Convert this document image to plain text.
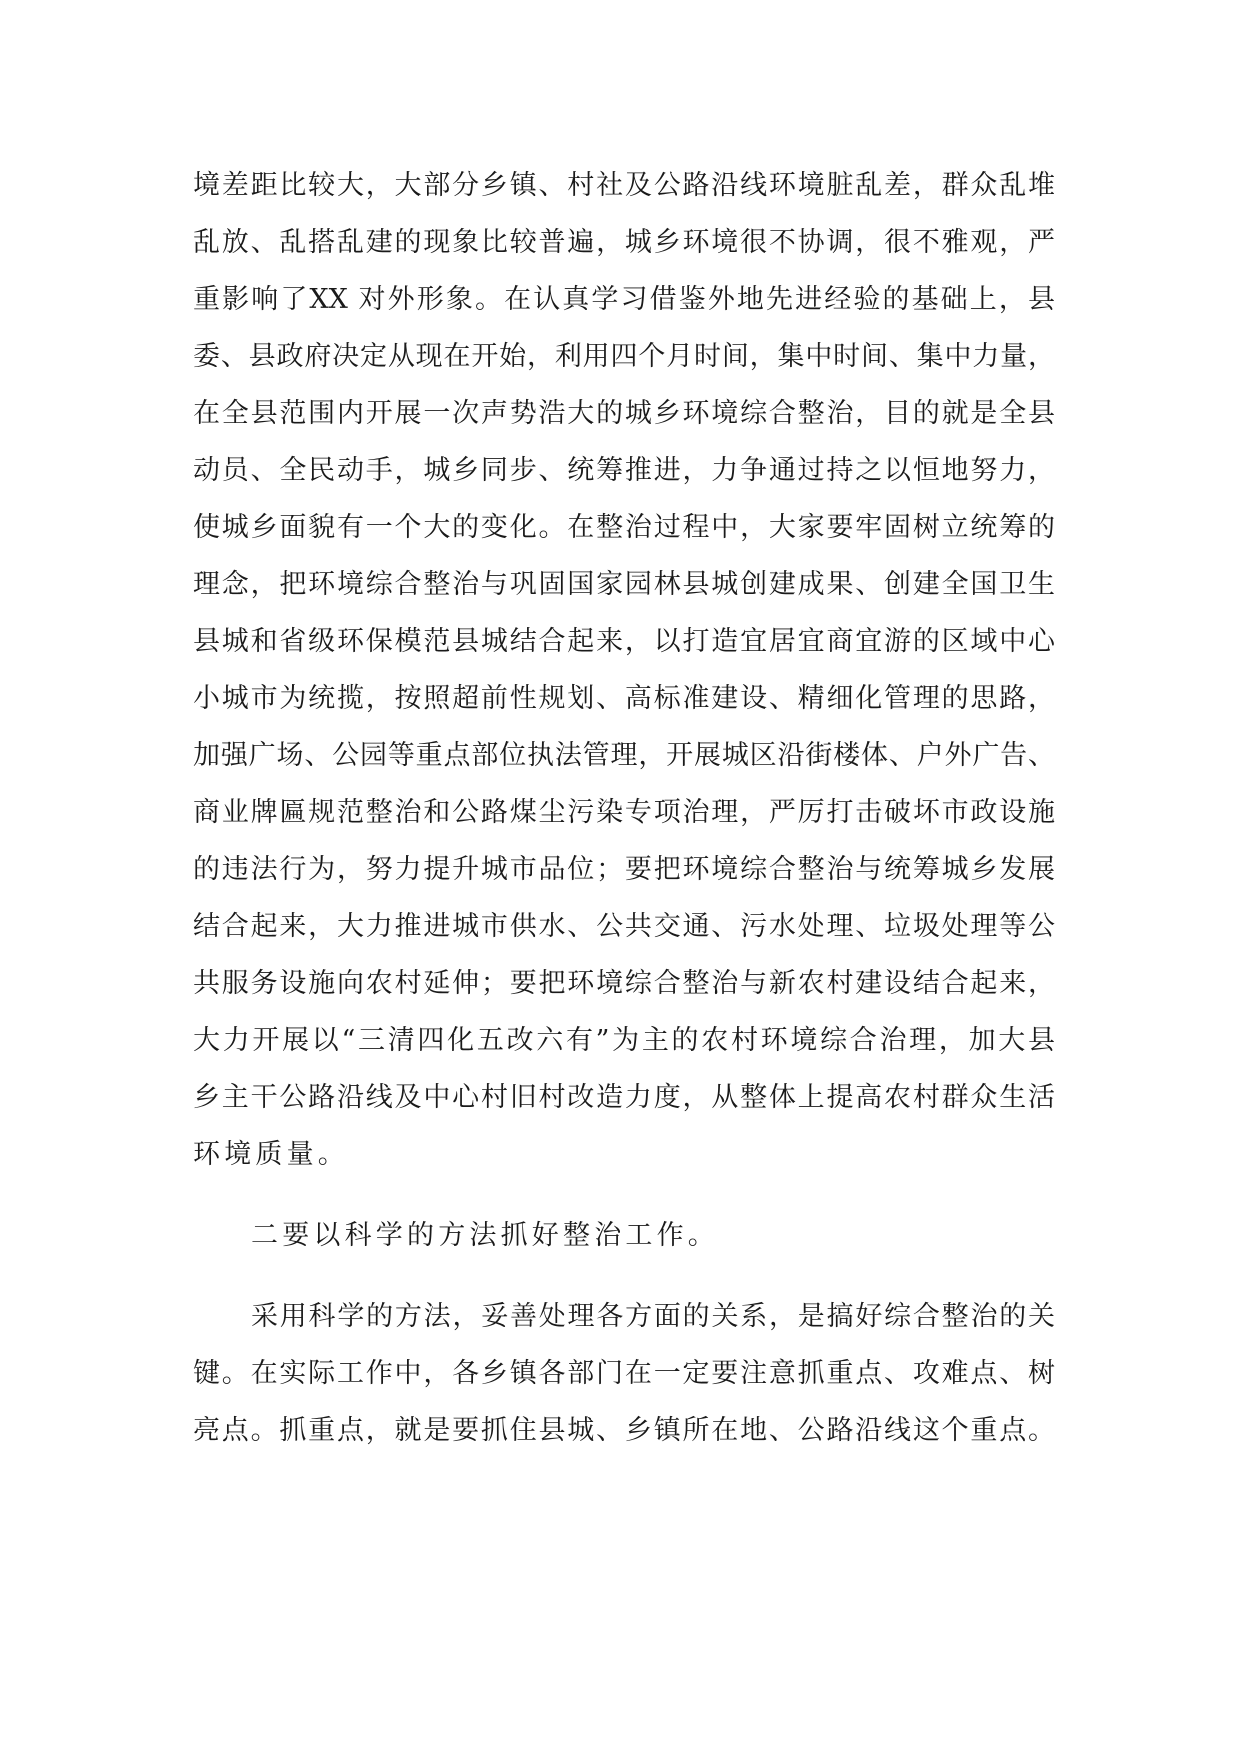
境差距比较大，大部分乡镇、村社及公路沿线环境脏乱差，群众乱堆
乱放、乱搭乱建的现象比较普遍，城乡环境很不协调，很不雅观，严
重影响了XX 对外形象。在认真学习借鉴外地先进经验的基础上，县
委、县政府决定从现在开始，利用四个月时间，集中时间、集中力量，
在全县范围内开展一次声势浩大的城乡环境综合整治，目的就是全县
动员、全民动手，城乡同步、统筹推进，力争通过持之以恒地努力，
使城乡面貌有一个大的变化。在整治过程中，大家要牢固树立统筹的
理念，把环境综合整治与巩固国家园林县城创建成果、创建全国卫生
县城和省级环保模范县城结合起来，以打造宜居宜商宜游的区域中心
小城市为统揽，按照超前性规划、高标准建设、精细化管理的思路，
加强广场、公园等重点部位执法管理，开展城区沿街楼体、户外广告、
商业牌匾规范整治和公路煤尘污染专项治理，严厉打击破坏市政设施
的违法行为，努力提升城市品位；要把环境综合整治与统筹城乡发展
结合起来，大力推进城市供水、公共交通、污水处理、垃圾处理等公
共服务设施向农村延伸；要把环境综合整治与新农村建设结合起来，
大力开展以“三清四化五改六有”为主的农村环境综合治理，加大县
乡主干公路沿线及中心村旧村改造力度，从整体上提高农村群众生活
环境质量。
二要以科学的方法抓好整治工作。
采用科学的方法，妥善处理各方面的关系，是搞好综合整治的关
键。在实际工作中，各乡镇各部门在一定要注意抓重点、攻难点、树
亮点。抓重点，就是要抓住县城、乡镇所在地、公路沿线这个重点。
